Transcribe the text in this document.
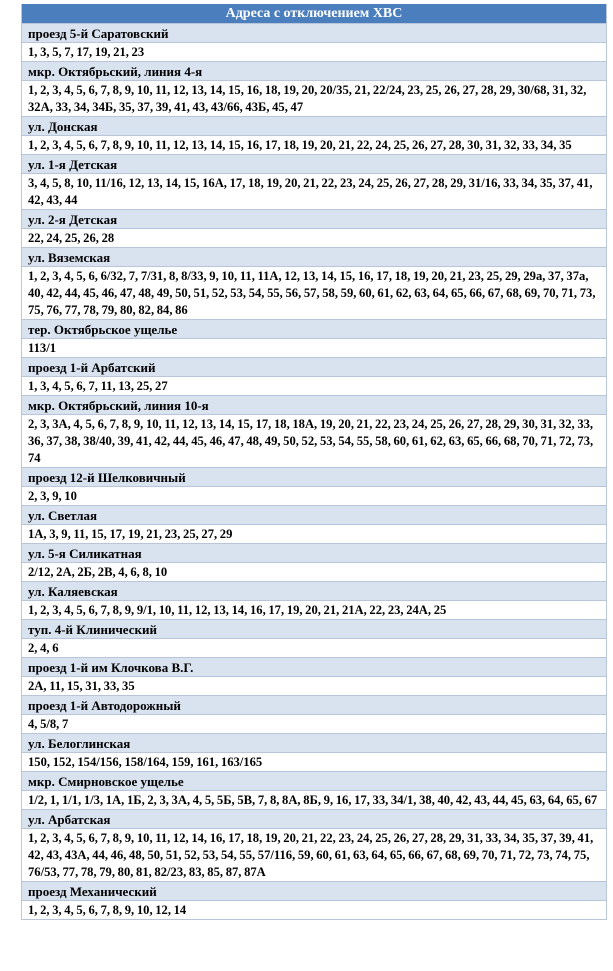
Адреса с отключением ХВС
проезд 5-й Саратовский
1, 3, 5, 7, 17, 19, 21, 23
мкр. Октябрьский, линия 4-я
1, 2, 3, 4, 5, 6, 7, 8, 9, 10, 11, 12, 13, 14, 15, 16, 18, 19, 20, 20/35, 21, 22/24, 23, 25, 26, 27, 28, 29, 30/68, 31, 32, 32А, 33, 34, 34Б, 35, 37, 39, 41, 43, 43/66, 43Б, 45, 47
ул. Донская
1, 2, 3, 4, 5, 6, 7, 8, 9, 10, 11, 12, 13, 14, 15, 16, 17, 18, 19, 20, 21, 22, 24, 25, 26, 27, 28, 30, 31, 32, 33, 34, 35
ул. 1-я Детская
3, 4, 5, 8, 10, 11/16, 12, 13, 14, 15, 16А, 17, 18, 19, 20, 21, 22, 23, 24, 25, 26, 27, 28, 29, 31/16, 33, 34, 35, 37, 41, 42, 43, 44
ул. 2-я Детская
22, 24, 25, 26, 28
ул. Вяземская
1, 2, 3, 4, 5, 6, 6/32, 7, 7/31, 8, 8/33, 9, 10, 11, 11А, 12, 13, 14, 15, 16, 17, 18, 19, 20, 21, 23, 25, 29, 29а, 37, 37а, 40, 42, 44, 45, 46, 47, 48, 49, 50, 51, 52, 53, 54, 55, 56, 57, 58, 59, 60, 61, 62, 63, 64, 65, 66, 67, 68, 69, 70, 71, 73, 75, 76, 77, 78, 79, 80, 82, 84, 86
тер. Октябрьское ущелье
113/1
проезд 1-й Арбатский
1, 3, 4, 5, 6, 7, 11, 13, 25, 27
мкр. Октябрьский, линия 10-я
2, 3, 3А, 4, 5, 6, 7, 8, 9, 10, 11, 12, 13, 14, 15, 17, 18, 18А, 19, 20, 21, 22, 23, 24, 25, 26, 27, 28, 29, 30, 31, 32, 33, 36, 37, 38, 38/40, 39, 41, 42, 44, 45, 46, 47, 48, 49, 50, 52, 53, 54, 55, 58, 60, 61, 62, 63, 65, 66, 68, 70, 71, 72, 73, 74
проезд 12-й Шелковичный
2, 3, 9, 10
ул. Светлая
1А, 3, 9, 11, 15, 17, 19, 21, 23, 25, 27, 29
ул. 5-я Силикатная
2/12, 2А, 2Б, 2В, 4, 6, 8, 10
ул. Каляевская
1, 2, 3, 4, 5, 6, 7, 8, 9, 9/1, 10, 11, 12, 13, 14, 16, 17, 19, 20, 21, 21А, 22, 23, 24А, 25
туп. 4-й Клинический
2, 4, 6
проезд 1-й им Клочкова В.Г.
2А, 11, 15, 31, 33, 35
проезд 1-й Автодорожный
4, 5/8, 7
ул. Белоглинская
150, 152, 154/156, 158/164, 159, 161, 163/165
мкр. Смирновское ущелье
1/2, 1, 1/1, 1/3, 1А, 1Б, 2, 3, 3А, 4, 5, 5Б, 5В, 7, 8, 8А, 8Б, 9, 16, 17, 33, 34/1, 38, 40, 42, 43, 44, 45, 63, 64, 65, 67
ул. Арбатская
1, 2, 3, 4, 5, 6, 7, 8, 9, 10, 11, 12, 14, 16, 17, 18, 19, 20, 21, 22, 23, 24, 25, 26, 27, 28, 29, 31, 33, 34, 35, 37, 39, 41, 42, 43, 43А, 44, 46, 48, 50, 51, 52, 53, 54, 55, 57/116, 59, 60, 61, 63, 64, 65, 66, 67, 68, 69, 70, 71, 72, 73, 74, 75, 76/53, 77, 78, 79, 80, 81, 82/23, 83, 85, 87, 87А
проезд Механический
1, 2, 3, 4, 5, 6, 7, 8, 9, 10, 12, 14
